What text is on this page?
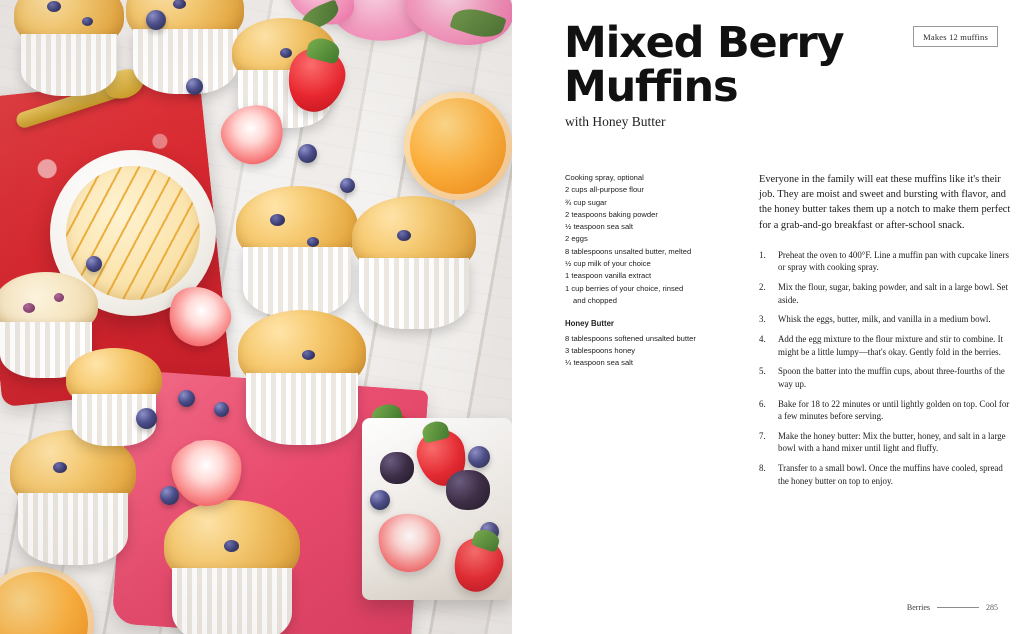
Makes 12 muffins
Mixed Berry
Muffins
with Honey Butter
Cooking spray, optional
2 cups all-purpose flour
¾ cup sugar
2 teaspoons baking powder
½ teaspoon sea salt
2 eggs
8 tablespoons unsalted butter, melted
½ cup milk of your choice
1 teaspoon vanilla extract
1 cup berries of your choice, rinsed
and chopped
Honey Butter
8 tablespoons softened unsalted butter
3 tablespoons honey
¼ teaspoon sea salt

Everyone in the family will eat these muffins like it's their job. They are moist and sweet and bursting with flavor, and the honey butter takes them up a notch to make them perfect for a grab-and-go breakfast or after-school snack.

Preheat the oven to 400°F. Line a muffin pan with cupcake liners or spray with cooking spray.
Mix the flour, sugar, baking powder, and salt in a large bowl. Set aside.
Whisk the eggs, butter, milk, and vanilla in a medium bowl.
Add the egg mixture to the flour mixture and stir to combine. It might be a little lumpy—that's okay. Gently fold in the berries.
Spoon the batter into the muffin cups, about three-fourths of the way up.
Bake for 18 to 22 minutes or until lightly golden on top. Cool for a few minutes before serving.
Make the honey butter: Mix the butter, honey, and salt in a large bowl with a hand mixer until light and fluffy.
Transfer to a small bowl. Once the muffins have cooled, spread the honey butter on top to enjoy.
Berries	285
